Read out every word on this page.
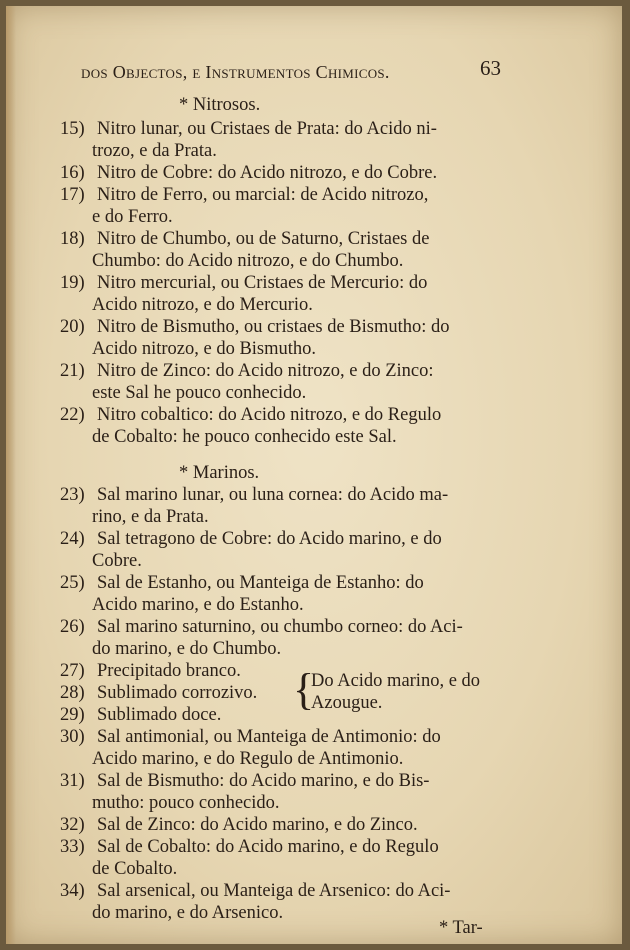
dos Objectos, e Instrumentos Chimicos.	63
* Nitrosos.
15) Nitro lunar, ou Cristaes de Prata: do Acido ni-
trozo, e da Prata.
16) Nitro de Cobre: do Acido nitrozo, e do Cobre.
17) Nitro de Ferro, ou marcial: de Acido nitrozo,
e do Ferro.
18) Nitro de Chumbo, ou de Saturno, Cristaes de
Chumbo: do Acido nitrozo, e do Chumbo.
19) Nitro mercurial, ou Cristaes de Mercurio: do
Acido nitrozo, e do Mercurio.
20) Nitro de Bismutho, ou cristaes de Bismutho: do
Acido nitrozo, e do Bismutho.
21) Nitro de Zinco: do Acido nitrozo, e do Zinco:
este Sal he pouco conhecido.
22) Nitro cobaltico: do Acido nitrozo, e do Regulo
de Cobalto: he pouco conhecido este Sal.
* Marinos.
23) Sal marino lunar, ou luna cornea: do Acido ma-
rino, e da Prata.
24) Sal tetragono de Cobre: do Acido marino, e do
Cobre.
25) Sal de Estanho, ou Manteiga de Estanho: do
Acido marino, e do Estanho.
26) Sal marino saturnino, ou chumbo corneo: do Aci-
do marino, e do Chumbo.
27) Precipitado branco.
28) Sublimado corrozivo.
29) Sublimado doce.
{
Do Acido marino, e do
Azougue.
30) Sal antimonial, ou Manteiga de Antimonio: do
Acido marino, e do Regulo de Antimonio.
31) Sal de Bismutho: do Acido marino, e do Bis-
mutho: pouco conhecido.
32) Sal de Zinco: do Acido marino, e do Zinco.
33) Sal de Cobalto: do Acido marino, e do Regulo
de Cobalto.
34) Sal arsenical, ou Manteiga de Arsenico: do Aci-
do marino, e do Arsenico.
* Tar-
